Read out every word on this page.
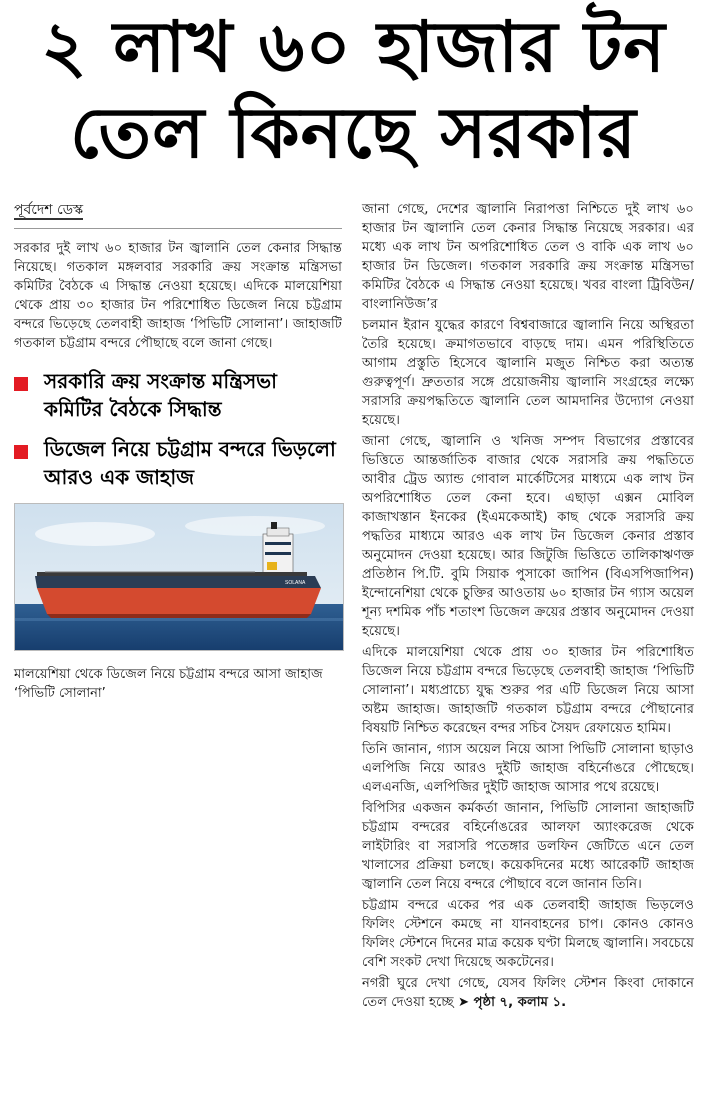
২ লাখ ৬০ হাজার টন
তেল কিনছে সরকার
পূর্বদেশ ডেস্ক

সরকার দুই লাখ ৬০ হাজার টন জ্বালানি তেল কেনার সিদ্ধান্ত নিয়েছে। গতকাল মঙ্গলবার সরকারি ক্রয় সংক্রান্ত মন্ত্রিসভা কমিটির বৈঠকে এ সিদ্ধান্ত নেওয়া হয়েছে। এদিকে মালয়েশিয়া থেকে প্রায় ৩০ হাজার টন পরিশোধিত ডিজেল নিয়ে চট্টগ্রাম বন্দরে ভিড়েছে তেলবাহী জাহাজ ‘পিভিটি সোলানা’। জাহাজটি গতকাল চট্টগ্রাম বন্দরে পৌছাছে বলে জানা গেছে।

সরকারি ক্রয় সংক্রান্ত মন্ত্রিসভা কমিটির বৈঠকে সিদ্ধান্ত
ডিজেল নিয়ে চট্টগ্রাম বন্দরে ভিড়লো আরও এক জাহাজ
SOLANA
মালয়েশিয়া থেকে ডিজেল নিয়ে চট্টগ্রাম বন্দরে আসা জাহাজ ‘পিভিটি সোলানা’

জানা গেছে, দেশের জ্বালানি নিরাপত্তা নিশ্চিতে দুই লাখ ৬০ হাজার টন জ্বালানি তেল কেনার সিদ্ধান্ত নিয়েছে সরকার। এর মধ্যে এক লাখ টন অপরিশোধিত তেল ও বাকি এক লাখ ৬০ হাজার টন ডিজেল। গতকাল সরকারি ক্রয় সংক্রান্ত মন্ত্রিসভা কমিটির বৈঠকে এ সিদ্ধান্ত নেওয়া হয়েছে। খবর বাংলা ট্রিবিউন/ বাংলানিউজ’র

চলমান ইরান যুদ্ধের কারণে বিশ্ববাজারে জ্বালানি নিয়ে অস্থিরতা তৈরি হয়েছে। ক্রমাগতভাবে বাড়ছে দাম। এমন পরিস্থিতিতে আগাম প্রস্তুতি হিসেবে জ্বালানি মজুত নিশ্চিত করা অত্যন্ত গুরুত্বপূর্ণ। দ্রুততার সঙ্গে প্রয়োজনীয় জ্বালানি সংগ্রহের লক্ষ্যে সরাসরি ক্রয়পদ্ধতিতে জ্বালানি তেল আমদানির উদ্যোগ নেওয়া হয়েছে।

জানা গেছে, জ্বালানি ও খনিজ সম্পদ বিভাগের প্রস্তাবের ভিত্তিতে আন্তর্জাতিক বাজার থেকে সরাসরি ক্রয় পদ্ধতিতে আবীর ট্রেড অ্যান্ড গোবাল মার্কেটিসের মাধ্যমে এক লাখ টন অপরিশোধিত তেল কেনা হবে। এছাড়া এক্সন মোবিল কাজাখস্তান ইনকের (ইএমকেআই) কাছ থেকে সরাসরি ক্রয় পদ্ধতির মাধ্যমে আরও এক লাখ টন ডিজেল কেনার প্রস্তাব অনুমোদন দেওয়া হয়েছে। আর জিটুজি ভিত্তিতে তালিকাঋণক্ত প্রতিষ্ঠান পি.টি. বুমি সিয়াক পুসাকো জাপিন (বিএসপিজাপিন) ইন্দোনেশিয়া থেকে চুক্তির আওতায় ৬০ হাজার টন গ্যাস অয়েল শূন্য দশমিক পাঁচ শতাংশ ডিজেল ক্রয়ের প্রস্তাব অনুমোদন দেওয়া হয়েছে।

এদিকে মালয়েশিয়া থেকে প্রায় ৩০ হাজার টন পরিশোধিত ডিজেল নিয়ে চট্টগ্রাম বন্দরে ভিড়েছে তেলবাহী জাহাজ ‘পিভিটি সোলানা’। মধ্যপ্রাচ্যে যুদ্ধ শুরুর পর এটি ডিজেল নিয়ে আসা অষ্টম জাহাজ। জাহাজটি গতকাল চট্টগ্রাম বন্দরে পৌছানোর বিষয়টি নিশ্চিত করেছেন বন্দর সচিব সৈয়দ রেফায়েত হামিম।

তিনি জানান, গ্যাস অয়েল নিয়ে আসা পিভিটি সোলানা ছাড়াও এলপিজি নিয়ে আরও দুইটি জাহাজ বহির্নোঙরে পৌছেছে। এলএনজি, এলপিজির দুইটি জাহাজ আসার পথে রয়েছে।

বিপিসির একজন কর্মকর্তা জানান, পিভিটি সোলানা জাহাজটি চট্টগ্রাম বন্দরের বহির্নোঙরের আলফা অ্যাংকরেজ থেকে লাইটারিং বা সরাসরি পতেঙ্গার ডলফিন জেটিতে এনে তেল খালাসের প্রক্রিয়া চলছে। কয়েকদিনের মধ্যে আরেকটি জাহাজ জ্বালানি তেল নিয়ে বন্দরে পৌছাবে বলে জানান তিনি।

চট্টগ্রাম বন্দরে একের পর এক তেলবাহী জাহাজ ভিড়লেও ফিলিং স্টেশনে কমছে না যানবাহনের চাপ। কোনও কোনও ফিলিং স্টেশনে দিনের মাত্র কয়েক ঘণ্টা মিলছে জ্বালানি। সবচেয়ে বেশি সংকট দেখা দিয়েছে অকটেনের।

নগরী ঘুরে দেখা গেছে, যেসব ফিলিং স্টেশন কিংবা দোকানে তেল দেওয়া হচ্ছে ➤ পৃষ্ঠা ৭, কলাম ১.
